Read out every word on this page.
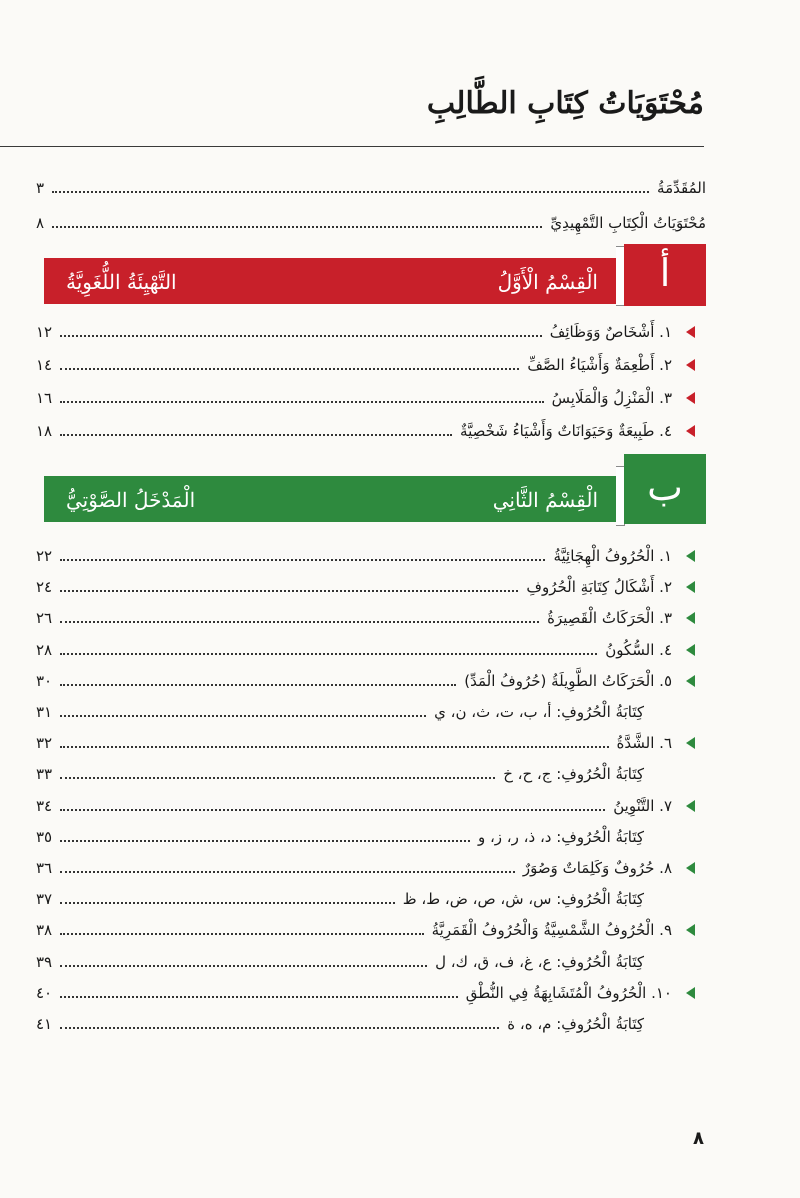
مُحْتَوَيَاتُ كِتَابِ الطَّالِبِ
المُقَدِّمَةُ
٣
مُحْتَوَيَاتُ الْكِتَابِ التَّمْهِيدِيِّ
٨
الْقِسْمُ الْأَوَّلُ
التَّهْيِئَةُ اللُّغَوِيَّةُ	أ
١. أَشْخَاصٌ وَوَظَائِفُ
١٢
٢. أَطْعِمَةٌ وَأَشْيَاءُ الصَّفِّ
١٤
٣. الْمَنْزِلُ وَالْمَلَابِسُ
١٦
٤. طَبِيعَةٌ وَحَيَوَانَاتٌ وَأَشْيَاءُ شَخْصِيَّةٌ
١٨
الْقِسْمُ الثَّانِي
الْمَدْخَلُ الصَّوْتِيُّ	ب
١. الْحُرُوفُ الْهِجَائِيَّةُ
٢٢
٢. أَشْكَالُ كِتَابَةِ الْحُرُوفِ
٢٤
٣. الْحَرَكَاتُ الْقَصِيرَةُ
٢٦
٤. السُّكُونُ
٢٨
٥. الْحَرَكَاتُ الطَّوِيلَةُ (حُرُوفُ الْمَدِّ)
٣٠
كِتَابَةُ الْحُرُوفِ: أ، ب، ت، ث، ن، ي
٣١
٦. الشَّدَّةُ
٣٢
كِتَابَةُ الْحُرُوفِ: ج، ح، خ
٣٣
٧. التَّنْوِينُ
٣٤
كِتَابَةُ الْحُرُوفِ: د، ذ، ر، ز، و
٣٥
٨. حُرُوفٌ وَكَلِمَاتٌ وَصُوَرٌ
٣٦
كِتَابَةُ الْحُرُوفِ: س، ش، ص، ض، ط، ظ
٣٧
٩. الْحُرُوفُ الشَّمْسِيَّةُ وَالْحُرُوفُ الْقَمَرِيَّةُ
٣٨
كِتَابَةُ الْحُرُوفِ: ع، غ، ف، ق، ك، ل
٣٩
١٠. الْحُرُوفُ الْمُتَشَابِهَةُ فِي النُّطْقِ
٤٠
كِتَابَةُ الْحُرُوفِ: م، ه، ة
٤١
٨
